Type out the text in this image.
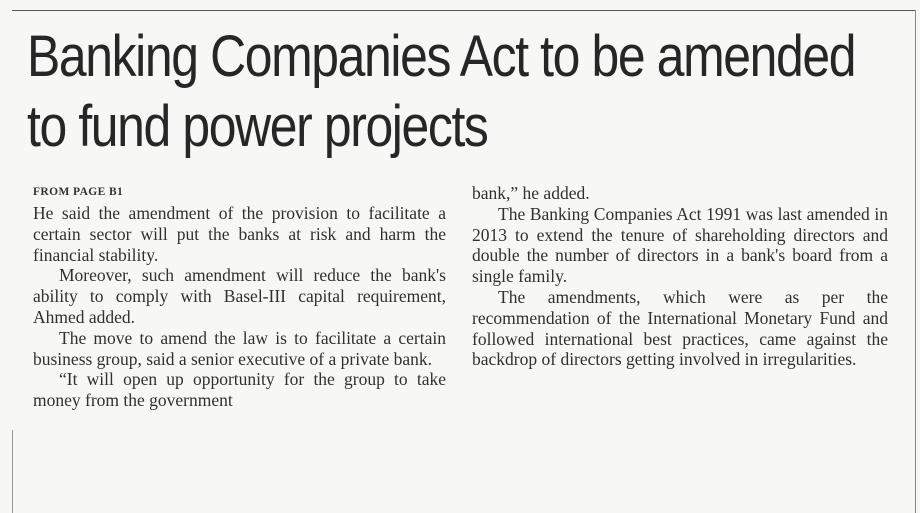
Banking Companies Act to be amended
to fund power projects
FROM PAGE B1

He said the amendment of the provision to facilitate a certain sector will put the banks at risk and harm the financial stability.

Moreover, such amendment will reduce the bank's ability to comply with Basel-III capital requirement, Ahmed added.

The move to amend the law is to facilitate a certain business group, said a senior executive of a private bank.

“It will open up opportunity for the group to take money from the government

bank,” he added.

The Banking Companies Act 1991 was last amended in 2013 to extend the tenure of shareholding directors and double the number of directors in a bank's board from a single family.

The amendments, which were as per the recommendation of the International Monetary Fund and followed international best practices, came against the backdrop of directors getting involved in irregularities.
